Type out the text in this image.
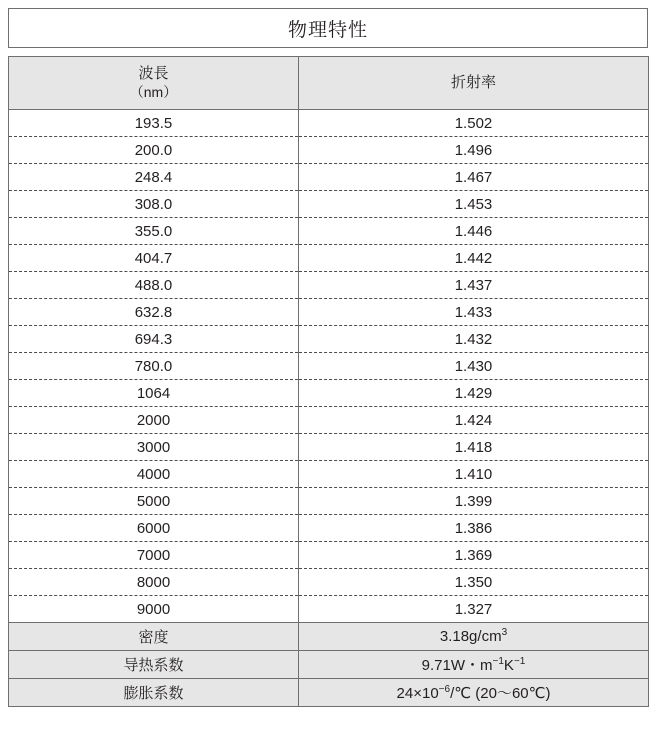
物理特性
波長
（nm）	折射率
193.5	1.502
200.0	1.496
248.4	1.467
308.0	1.453
355.0	1.446
404.7	1.442
488.0	1.437
632.8	1.433
694.3	1.432
780.0	1.430
1064	1.429
2000	1.424
3000	1.418
4000	1.410
5000	1.399
6000	1.386
7000	1.369
8000	1.350
9000	1.327
密度	$3.18g/cm^3$
导热系数	9.71W・$m^{-1}K^{-1}$
膨胀系数	$24\times 10^{-6}/℃$ (20〜60℃)
